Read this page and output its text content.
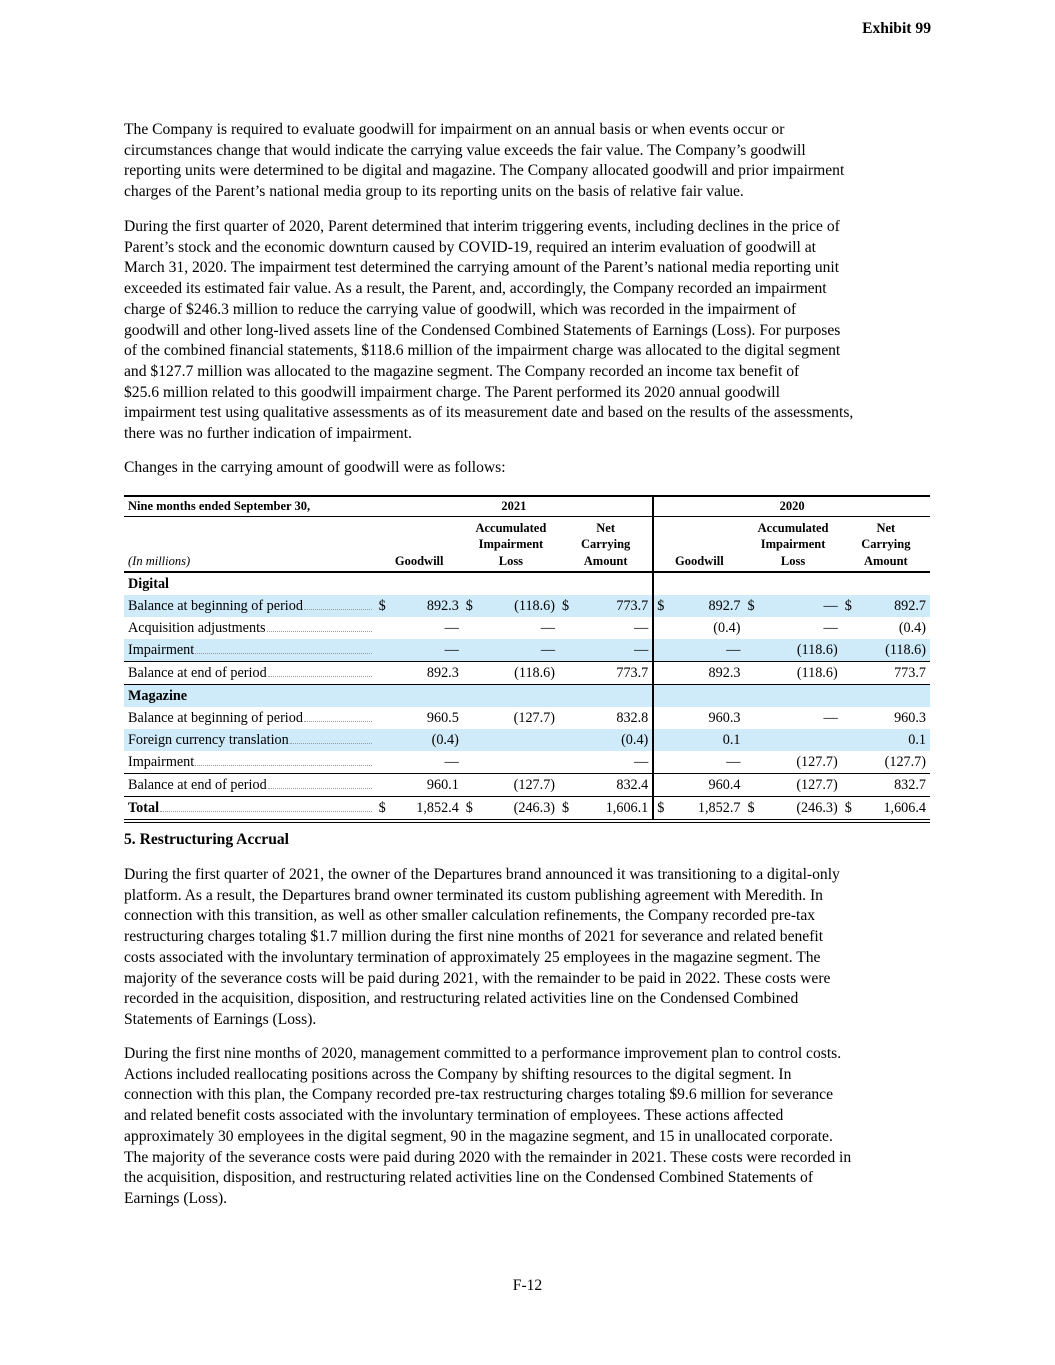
Exhibit 99
The Company is required to evaluate goodwill for impairment on an annual basis or when events occur or
circumstances change that would indicate the carrying value exceeds the fair value. The Company’s goodwill
reporting units were determined to be digital and magazine. The Company allocated goodwill and prior impairment
charges of the Parent’s national media group to its reporting units on the basis of relative fair value.
During the first quarter of 2020, Parent determined that interim triggering events, including declines in the price of
Parent’s stock and the economic downturn caused by COVID-19, required an interim evaluation of goodwill at
March 31, 2020. The impairment test determined the carrying amount of the Parent’s national media reporting unit
exceeded its estimated fair value. As a result, the Parent, and, accordingly, the Company recorded an impairment
charge of $246.3 million to reduce the carrying value of goodwill, which was recorded in the impairment of
goodwill and other long-lived assets line of the Condensed Combined Statements of Earnings (Loss). For purposes
of the combined financial statements, $118.6 million of the impairment charge was allocated to the digital segment
and $127.7 million was allocated to the magazine segment. The Company recorded an income tax benefit of
$25.6 million related to this goodwill impairment charge. The Parent performed its 2020 annual goodwill
impairment test using qualitative assessments as of its measurement date and based on the results of the assessments,
there was no further indication of impairment.
Changes in the carrying amount of goodwill were as follows:
Nine months ended September 30,	2021						2020					
(In millions)	Goodwill		Accumulated
Impairment
Loss		Net
Carrying
Amount		Goodwill		Accumulated
Impairment
Loss		Net
Carrying
Amount	
Digital												

Balance at beginning of period	$	892.3	$	(118.6)	$	773.7	$	892.7	$	—	$	892.7

Acquisition adjustments		—		—		—		(0.4)		—		(0.4)

Impairment		—		—		—		—		(118.6)		(118.6)

Balance at end of period		892.3		(118.6)		773.7		892.3		(118.6)		773.7
Magazine												

Balance at beginning of period		960.5		(127.7)		832.8		960.3		—		960.3

Foreign currency translation		(0.4)				(0.4)		0.1				0.1

Impairment		—				—		—		(127.7)		(127.7)

Balance at end of period		960.1		(127.7)		832.4		960.4		(127.7)		832.7

Total	$	1,852.4	$	(246.3)	$	1,606.1	$	1,852.7	$	(246.3)	$	1,606.4
5. Restructuring Accrual
During the first quarter of 2021, the owner of the Departures brand announced it was transitioning to a digital-only
platform. As a result, the Departures brand owner terminated its custom publishing agreement with Meredith. In
connection with this transition, as well as other smaller calculation refinements, the Company recorded pre-tax
restructuring charges totaling $1.7 million during the first nine months of 2021 for severance and related benefit
costs associated with the involuntary termination of approximately 25 employees in the magazine segment. The
majority of the severance costs will be paid during 2021, with the remainder to be paid in 2022. These costs were
recorded in the acquisition, disposition, and restructuring related activities line on the Condensed Combined
Statements of Earnings (Loss).
During the first nine months of 2020, management committed to a performance improvement plan to control costs.
Actions included reallocating positions across the Company by shifting resources to the digital segment. In
connection with this plan, the Company recorded pre-tax restructuring charges totaling $9.6 million for severance
and related benefit costs associated with the involuntary termination of employees. These actions affected
approximately 30 employees in the digital segment, 90 in the magazine segment, and 15 in unallocated corporate.
The majority of the severance costs were paid during 2020 with the remainder in 2021. These costs were recorded in
the acquisition, disposition, and restructuring related activities line on the Condensed Combined Statements of
Earnings (Loss).
F-12
